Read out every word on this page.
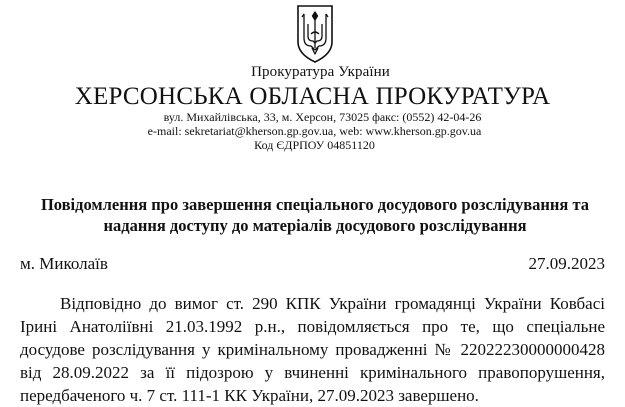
Прокуратура України
ХЕРСОНСЬКА ОБЛАСНА ПРОКУРАТУРА
вул. Михайлівська, 33, м. Херсон, 73025 факс: (0552) 42-04-26
e-mail: sekretariat@kherson.gp.gov.ua, web: www.kherson.gp.gov.ua
Код ЄДРПОУ 04851120
Повідомлення про завершення спеціального досудового розслідування та надання доступу до матеріалів досудового розслідування
м. Миколаїв	27.09.2023
Відповідно до вимог ст. 290 КПК України громадянці України Ковбасі Ірині Анатоліївні 21.03.1992 р.н., повідомляється про те, що спеціальне досудове розслідування у кримінальному провадженні № 22022230000000428 від 28.09.2022 за її підозрою у вчиненні кримінального правопорушення, передбаченого ч. 7 ст. 111-1 КК України, 27.09.2023 завершено.
